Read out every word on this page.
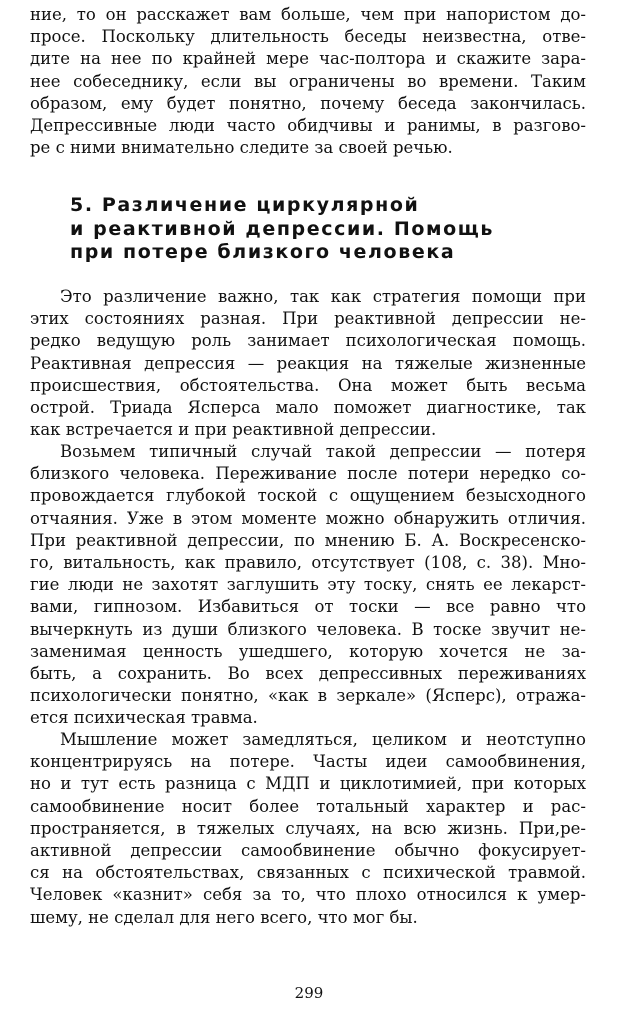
ние, то он расскажет вам больше, чем при напористом до-
просе. Поскольку длительность беседы неизвестна, отве-
дите на нее по крайней мере час-полтора и скажите зара-
нее собеседнику, если вы ограничены во времени. Таким
образом, ему будет понятно, почему беседа закончилась.
Депрессивные люди часто обидчивы и ранимы, в разгово-
ре с ними внимательно следите за своей речью.
5. Различение циркулярной
и реактивной депрессии. Помощь
при потере близкого человека
Это различение важно, так как стратегия помощи при
этих состояниях разная. При реактивной депрессии не-
редко ведущую роль занимает психологическая помощь.
Реактивная депрессия — реакция на тяжелые жизненные
происшествия, обстоятельства. Она может быть весьма
острой. Триада Ясперса мало поможет диагностике, так
как встречается и при реактивной депрессии.
Возьмем типичный случай такой депрессии — потеря
близкого человека. Переживание после потери нередко со-
провождается глубокой тоской с ощущением безысходного
отчаяния. Уже в этом моменте можно обнаружить отличия.
При реактивной депрессии, по мнению Б. А. Воскресенско-
го, витальность, как правило, отсутствует (108, с. 38). Мно-
гие люди не захотят заглушить эту тоску, снять ее лекарст-
вами, гипнозом. Избавиться от тоски — все равно что
вычеркнуть из души близкого человека. В тоске звучит не-
заменимая ценность ушедшего, которую хочется не за-
быть, а сохранить. Во всех депрессивных переживаниях
психологически понятно, «как в зеркале» (Ясперс), отража-
ется психическая травма.
Мышление может замедляться, целиком и неотступно
концентрируясь на потере. Часты идеи самообвинения,
но и тут есть разница с МДП и циклотимией, при которых
самообвинение носит более тотальный характер и рас-
пространяется, в тяжелых случаях, на всю жизнь. При,ре-
активной депрессии самообвинение обычно фокусирует-
ся на обстоятельствах, связанных с психической травмой.
Человек «казнит» себя за то, что плохо относился к умер-
шему, не сделал для него всего, что мог бы.
299
